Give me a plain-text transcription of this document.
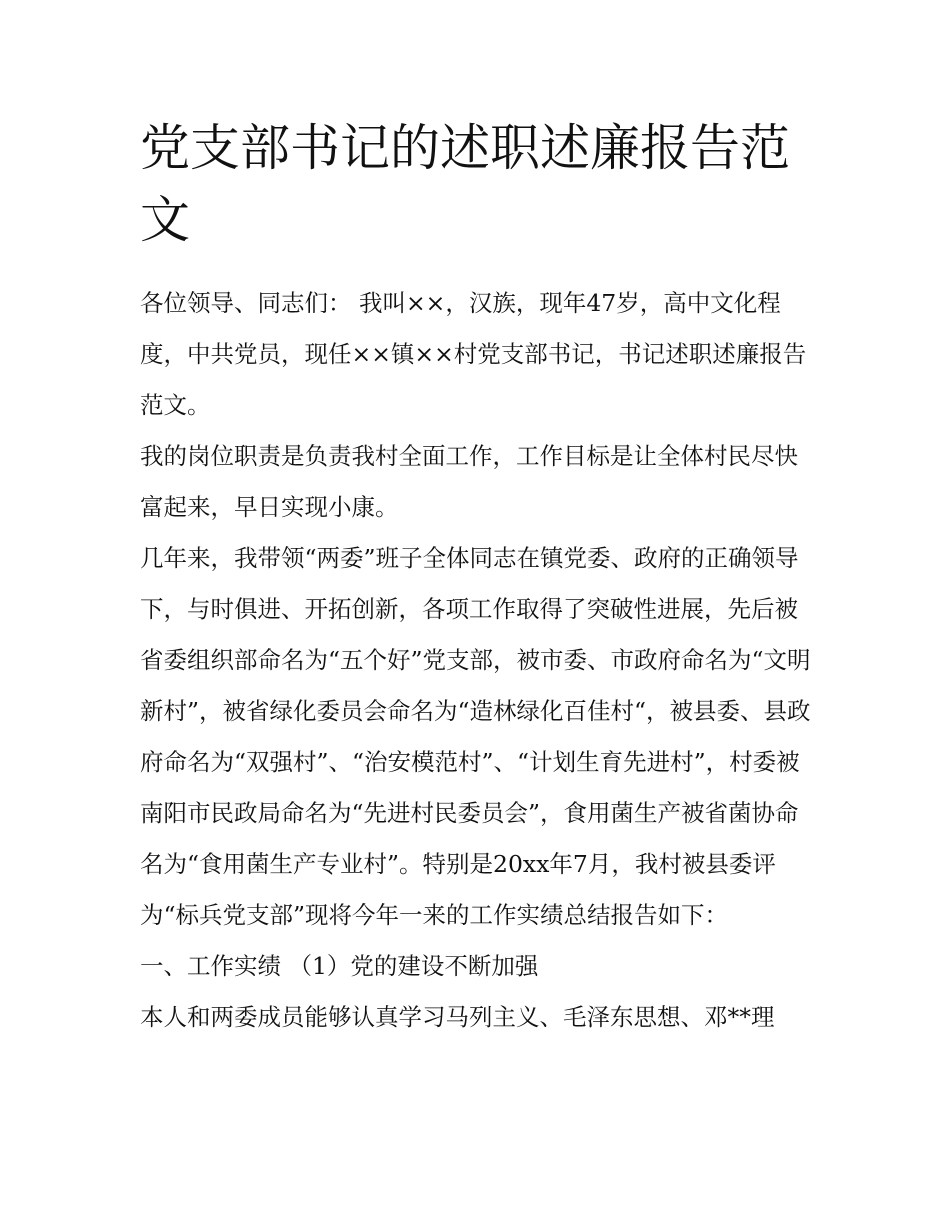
党支部书记的述职述廉报告范文

各位领导、同志们： 我叫××，汉族，现年47岁，高中文化程度，中共党员，现任××镇××村党支部书记，书记述职述廉报告范文。

我的岗位职责是负责我村全面工作，工作目标是让全体村民尽快富起来，早日实现小康。

几年来，我带领“两委”班子全体同志在镇党委、政府的正确领导下，与时俱进、开拓创新，各项工作取得了突破性进展，先后被省委组织部命名为“五个好”党支部，被市委、市政府命名为“文明新村”，被省绿化委员会命名为“造林绿化百佳村“，被县委、县政府命名为“双强村”、“治安模范村”、“计划生育先进村”，村委被南阳市民政局命名为“先进村民委员会”，食用菌生产被省菌协命名为“食用菌生产专业村”。特别是20xx年7月，我村被县委评为“标兵党支部”现将今年一来的工作实绩总结报告如下：

一、工作实绩 （1）党的建设不断加强

本人和两委成员能够认真学习马列主义、毛泽东思想、邓**理
